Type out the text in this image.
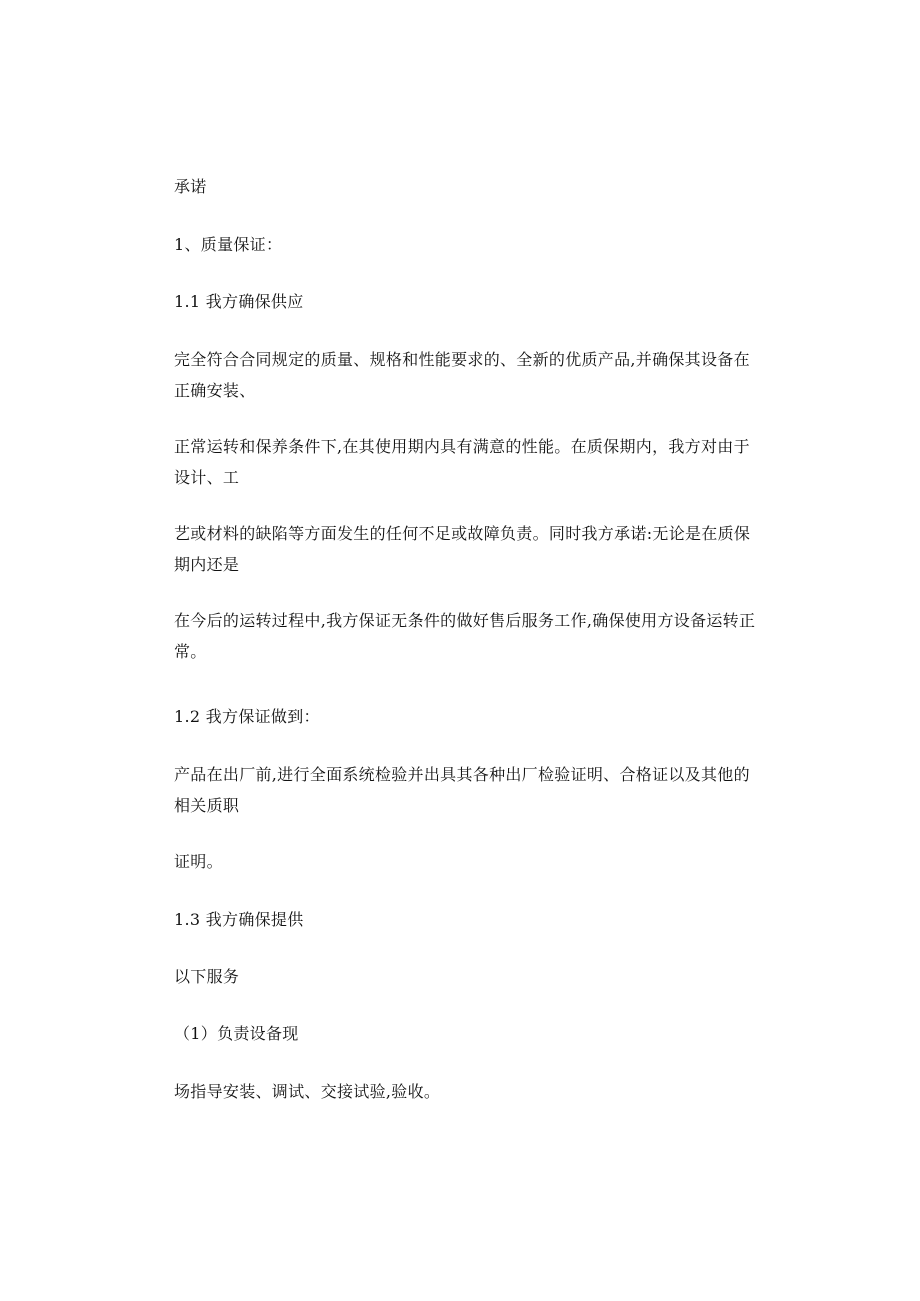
承诺
1、质量保证：
1.1 我方确保供应
完全符合合同规定的质量、规格和性能要求的、全新的优质产品,并确保其设备在
正确安装、
正常运转和保养条件下,在其使用期内具有满意的性能。在质保期内，我方对由于
设计、工
艺或材料的缺陷等方面发生的任何不足或故障负责。同时我方承诺:无论是在质保
期内还是
在今后的运转过程中,我方保证无条件的做好售后服务工作,确保使用方设备运转正
常。
1.2 我方保证做到：
产品在出厂前,进行全面系统检验并出具其各种出厂检验证明、合格证以及其他的
相关质职
证明。
1.3 我方确保提供
以下服务
（1）负责设备现
场指导安装、调试、交接试验,验收。
